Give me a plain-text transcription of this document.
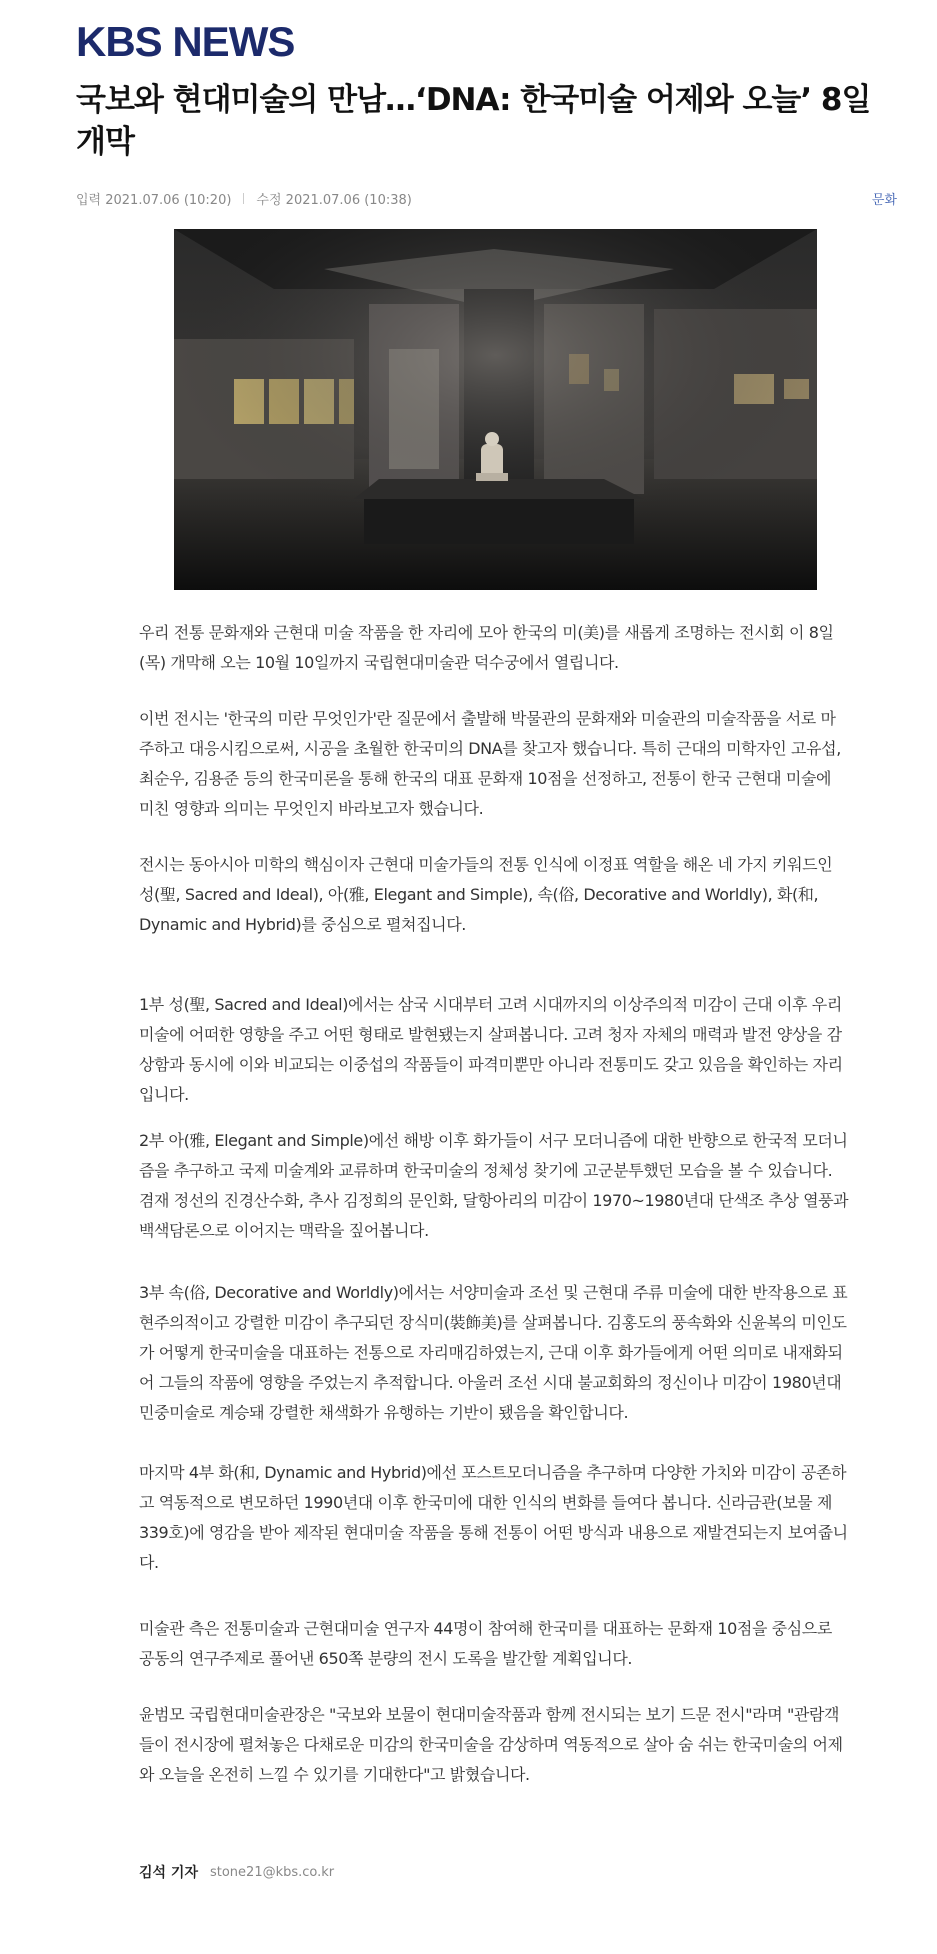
KBS NEWS
국보와 현대미술의 만남…‘DNA: 한국미술 어제와 오늘’ 8일 개막
입력 2021.07.06 (10:20) 수정 2021.07.06 (10:38)	문화

우리 전통 문화재와 근현대 미술 작품을 한 자리에 모아 한국의 미(美)를 새롭게 조명하는 전시회 이 8일(목) 개막해 오는 10월 10일까지 국립현대미술관 덕수궁에서 열립니다.

이번 전시는 '한국의 미란 무엇인가'란 질문에서 출발해 박물관의 문화재와 미술관의 미술작품을 서로 마주하고 대응시킴으로써, 시공을 초월한 한국미의 DNA를 찾고자 했습니다. 특히 근대의 미학자인 고유섭, 최순우, 김용준 등의 한국미론을 통해 한국의 대표 문화재 10점을 선정하고, 전통이 한국 근현대 미술에 미친 영향과 의미는 무엇인지 바라보고자 했습니다.

전시는 동아시아 미학의 핵심이자 근현대 미술가들의 전통 인식에 이정표 역할을 해온 네 가지 키워드인 성(聖, Sacred and Ideal), 아(雅, Elegant and Simple), 속(俗, Decorative and Worldly), 화(和, Dynamic and Hybrid)를 중심으로 펼쳐집니다.

1부 성(聖, Sacred and Ideal)에서는 삼국 시대부터 고려 시대까지의 이상주의적 미감이 근대 이후 우리 미술에 어떠한 영향을 주고 어떤 형태로 발현됐는지 살펴봅니다. 고려 청자 자체의 매력과 발전 양상을 감상함과 동시에 이와 비교되는 이중섭의 작품들이 파격미뿐만 아니라 전통미도 갖고 있음을 확인하는 자리입니다.

2부 아(雅, Elegant and Simple)에선 해방 이후 화가들이 서구 모더니즘에 대한 반향으로 한국적 모더니즘을 추구하고 국제 미술계와 교류하며 한국미술의 정체성 찾기에 고군분투했던 모습을 볼 수 있습니다. 겸재 정선의 진경산수화, 추사 김정희의 문인화, 달항아리의 미감이 1970~1980년대 단색조 추상 열풍과 백색담론으로 이어지는 맥락을 짚어봅니다.

3부 속(俗, Decorative and Worldly)에서는 서양미술과 조선 및 근현대 주류 미술에 대한 반작용으로 표현주의적이고 강렬한 미감이 추구되던 장식미(裝飾美)를 살펴봅니다. 김홍도의 풍속화와 신윤복의 미인도가 어떻게 한국미술을 대표하는 전통으로 자리매김하였는지, 근대 이후 화가들에게 어떤 의미로 내재화되어 그들의 작품에 영향을 주었는지 추적합니다. 아울러 조선 시대 불교회화의 정신이나 미감이 1980년대 민중미술로 계승돼 강렬한 채색화가 유행하는 기반이 됐음을 확인합니다.

마지막 4부 화(和, Dynamic and Hybrid)에선 포스트모더니즘을 추구하며 다양한 가치와 미감이 공존하고 역동적으로 변모하던 1990년대 이후 한국미에 대한 인식의 변화를 들여다 봅니다. 신라금관(보물 제339호)에 영감을 받아 제작된 현대미술 작품을 통해 전통이 어떤 방식과 내용으로 재발견되는지 보여줍니다.

미술관 측은 전통미술과 근현대미술 연구자 44명이 참여해 한국미를 대표하는 문화재 10점을 중심으로 공동의 연구주제로 풀어낸 650쪽 분량의 전시 도록을 발간할 계획입니다.

윤범모 국립현대미술관장은 "국보와 보물이 현대미술작품과 함께 전시되는 보기 드문 전시"라며 "관람객들이 전시장에 펼쳐놓은 다채로운 미감의 한국미술을 감상하며 역동적으로 살아 숨 쉬는 한국미술의 어제와 오늘을 온전히 느낄 수 있기를 기대한다"고 밝혔습니다.

김석 기자 stone21@kbs.co.kr
